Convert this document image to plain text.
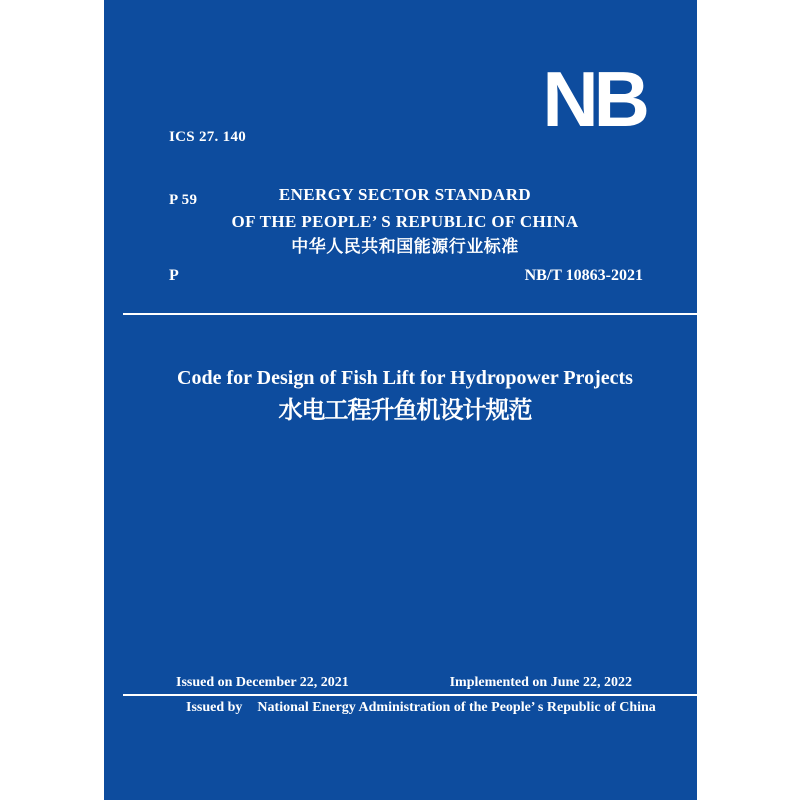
ICS 27. 140

P 59

NB
ENERGY SECTOR STANDARD
OF THE PEOPLE’ S REPUBLIC OF CHINA
中华人民共和国能源行业标准
P	NB/T 10863-2021
Code for Design of Fish Lift for Hydropower Projects
水电工程升鱼机设计规范
Issued on December 22, 2021	Implemented on June 22, 2022
Issued by National Energy Administration of the People’ s Republic of China
